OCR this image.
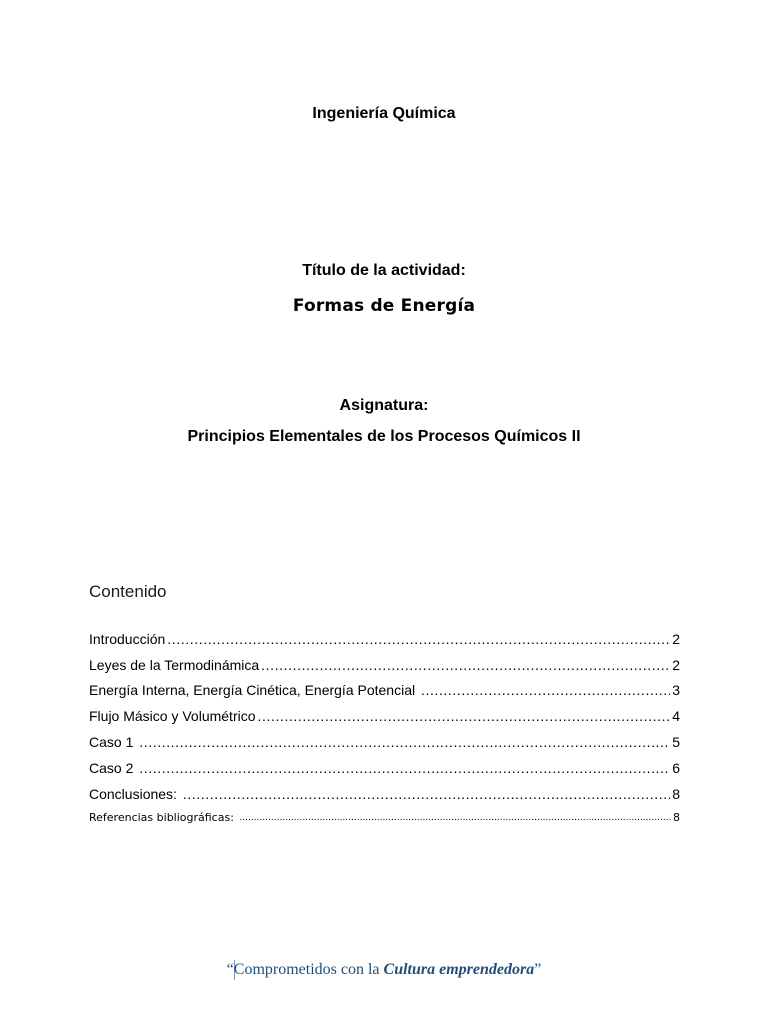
Ingeniería Química
Título de la actividad:
Formas de Energía
Asignatura:
Principios Elementales de los Procesos Químicos II
Contenido
Introducción .....	2
Leyes de la Termodinámica .....	2
Energía Interna, Energía Cinética, Energía Potencial .....	3
Flujo Másico y Volumétrico .....	4
Caso 1 .....	5
Caso 2 .....	6
Conclusiones: .....	8
Referencias bibliográficas: .....	8
“Comprometidos con la Cultura emprendedora ”
